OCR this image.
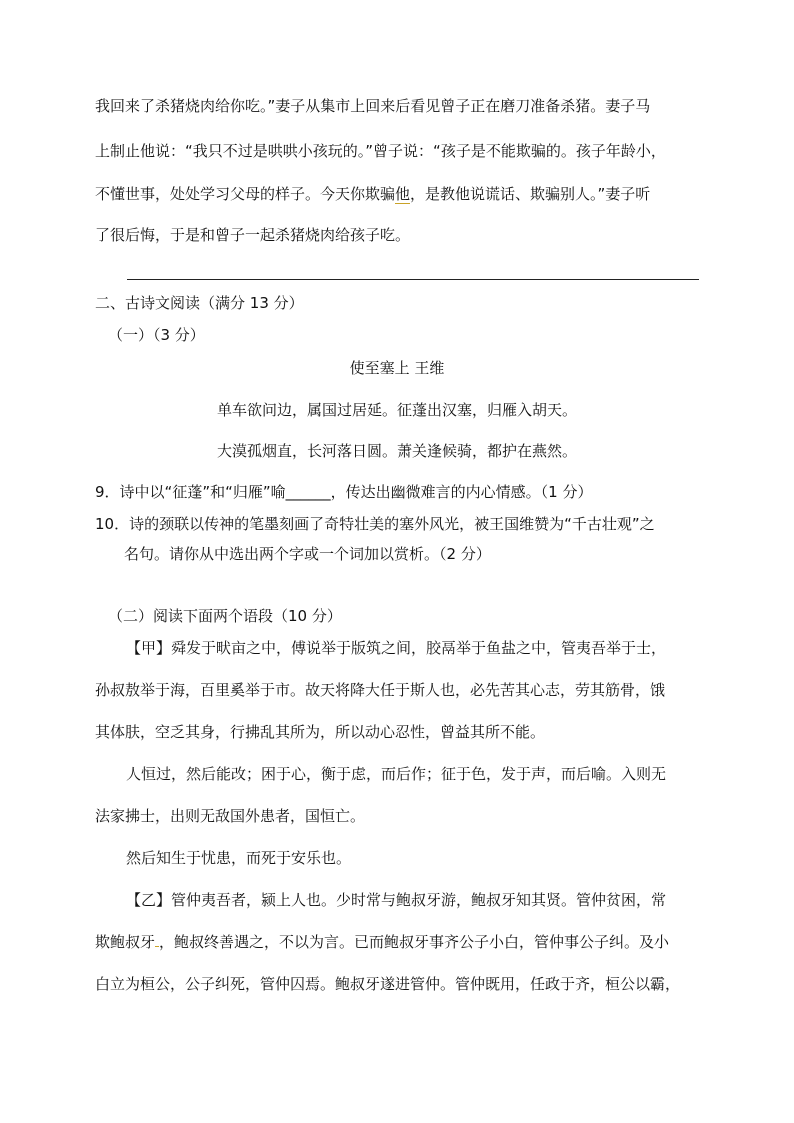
我回来了杀猪烧肉给你吃。”妻子从集市上回来后看见曾子正在磨刀准备杀猪。妻子马
上制止他说：“我只不过是哄哄小孩玩的。”曾子说：“孩子是不能欺骗的。孩子年龄小，
不懂世事，处处学习父母的样子。今天你欺骗他，是教他说谎话、欺骗别人。”妻子听
了很后悔，于是和曾子一起杀猪烧肉给孩子吃。
二、古诗文阅读（满分 13 分）
（一）（3 分）
使至塞上 王维
单车欲问边，属国过居延。征蓬出汉塞，归雁入胡天。
大漠孤烟直，长河落日圆。萧关逢候骑，都护在燕然。
9．诗中以“征蓬”和“归雁”喻______，传达出幽微难言的内心情感。（1 分）
10．诗的颈联以传神的笔墨刻画了奇特壮美的塞外风光，被王国维赞为“千古壮观”之
名句。请你从中选出两个字或一个词加以赏析。（2 分）
（二）阅读下面两个语段（10 分）
【甲】舜发于畎亩之中，傅说举于版筑之间，胶鬲举于鱼盐之中，管夷吾举于士，
孙叔敖举于海，百里奚举于市。故天将降大任于斯人也，必先苦其心志，劳其筋骨，饿
其体肤，空乏其身，行拂乱其所为，所以动心忍性，曾益其所不能。
人恒过，然后能改；困于心，衡于虑，而后作；征于色，发于声，而后喻。入则无
法家拂士，出则无敌国外患者，国恒亡。
然后知生于忧患，而死于安乐也。
【乙】管仲夷吾者，颍上人也。少时常与鲍叔牙游，鲍叔牙知其贤。管仲贫困，常
欺鲍叔牙 ，鲍叔终善遇之，不以为言。已而鲍叔牙事齐公子小白，管仲事公子纠。及小
白立为桓公，公子纠死，管仲囚焉。鲍叔牙遂进管仲。管仲既用，任政于齐，桓公以霸，
